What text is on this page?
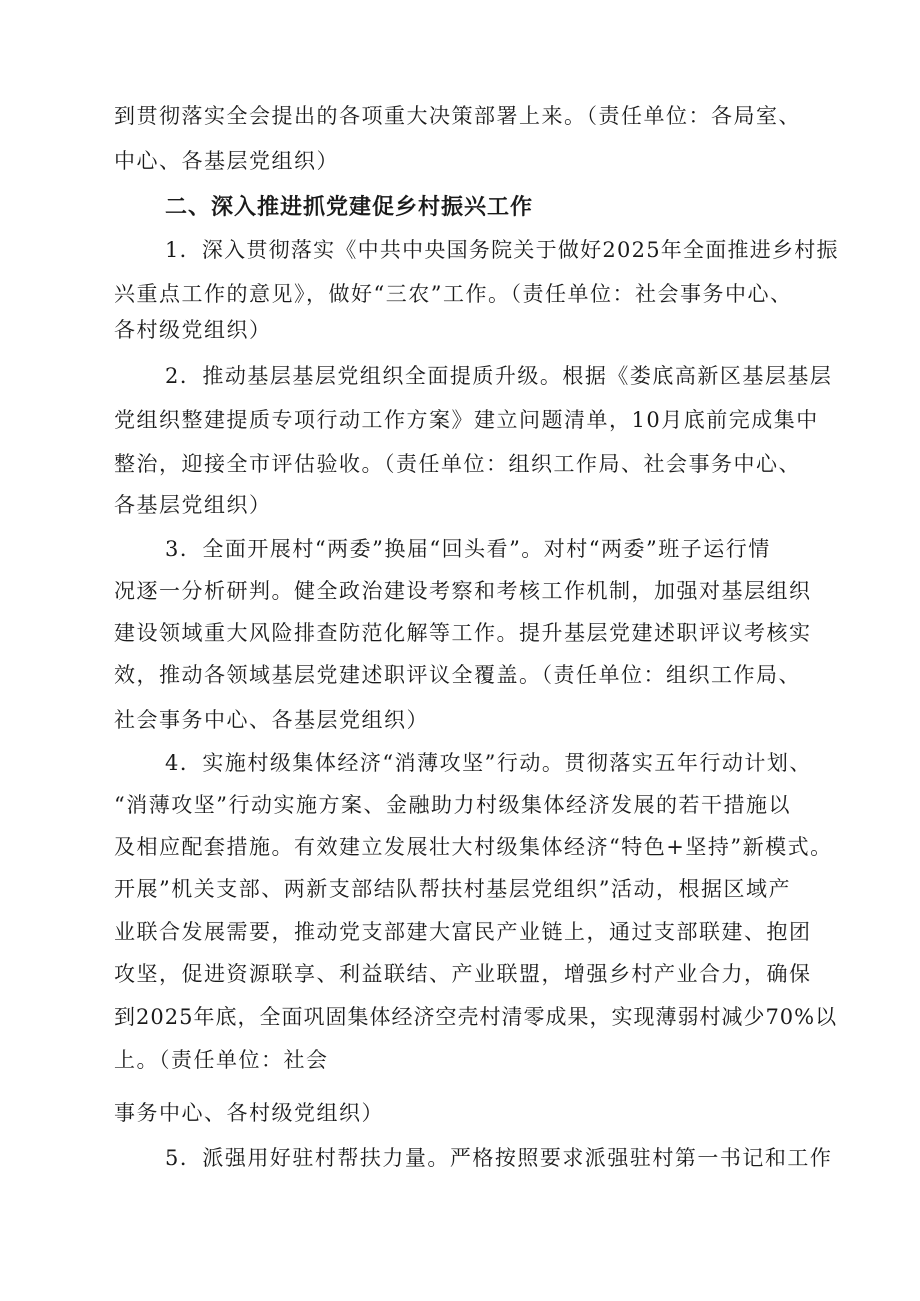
到贯彻落实全会提出的各项重大决策部署上来。（责任单位：各局室、
中心、各基层党组织）
二、深入推进抓党建促乡村振兴工作
1．深入贯彻落实《中共中央国务院关于做好2025年全面推进乡村振
兴重点工作的意见》，做好“三农”工作。（责任单位：社会事务中心、
各村级党组织）
2．推动基层基层党组织全面提质升级。根据《娄底高新区基层基层
党组织整建提质专项行动工作方案》建立问题清单，10月底前完成集中
整治，迎接全市评估验收。（责任单位：组织工作局、社会事务中心、
各基层党组织）
3．全面开展村“两委”换届“回头看”。对村“两委”班子运行情
况逐一分析研判。健全政治建设考察和考核工作机制，加强对基层组织
建设领域重大风险排查防范化解等工作。提升基层党建述职评议考核实
效，推动各领域基层党建述职评议全覆盖。（责任单位：组织工作局、
社会事务中心、各基层党组织）
4．实施村级集体经济“消薄攻坚”行动。贯彻落实五年行动计划、
“消薄攻坚”行动实施方案、金融助力村级集体经济发展的若干措施以
及相应配套措施。有效建立发展壮大村级集体经济“特色+坚持”新模式。
开展”机关支部、两新支部结队帮扶村基层党组织”活动，根据区域产
业联合发展需要，推动党支部建大富民产业链上，通过支部联建、抱团
攻坚，促进资源联享、利益联结、产业联盟，增强乡村产业合力，确保
到2025年底，全面巩固集体经济空壳村清零成果，实现薄弱村减少70%以
上。（责任单位：社会
事务中心、各村级党组织）
5．派强用好驻村帮扶力量。严格按照要求派强驻村第一书记和工作
